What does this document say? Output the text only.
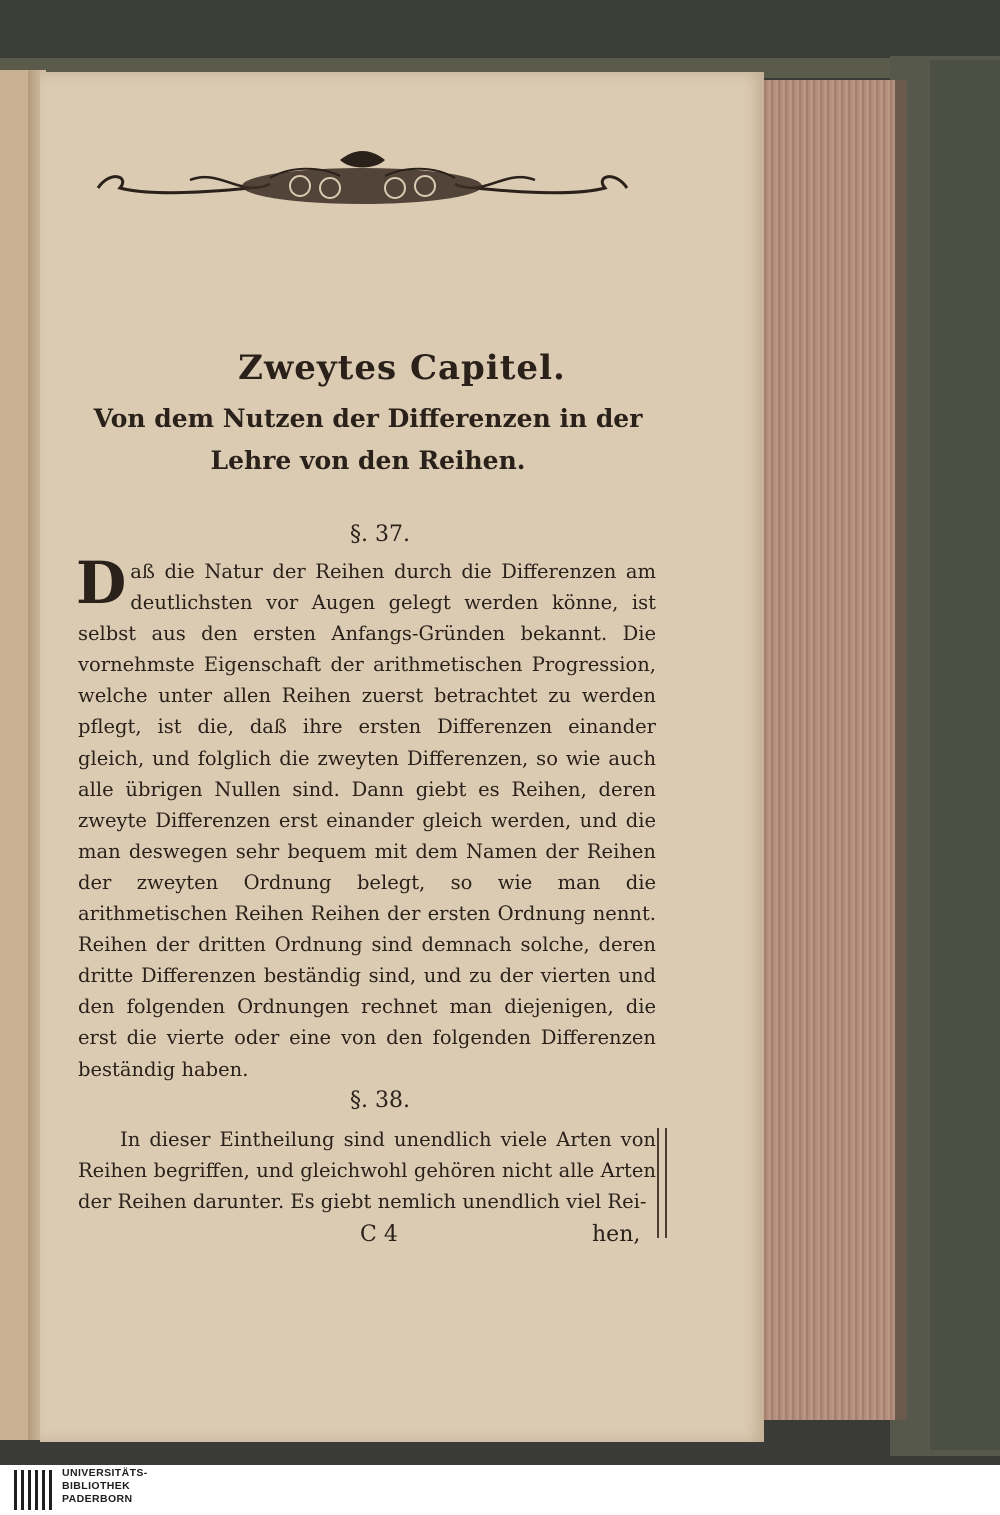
Zweytes Capitel.
Von dem Nutzen der Differenzen in der Lehre von den Reihen.
§. 37.
Daß die Natur der Reihen durch die Differenzen am deutlichsten vor Augen gelegt werden könne, ist selbst aus den ersten Anfangs-Gründen bekannt. Die vornehmste Eigenschaft der arithmetischen Progression, welche unter allen Reihen zuerst betrachtet zu werden pflegt, ist die, daß ihre ersten Differenzen einander gleich, und folglich die zweyten Differenzen, so wie auch alle übrigen Nullen sind. Dann giebt es Reihen, deren zweyte Differenzen erst einander gleich werden, und die man deswegen sehr bequem mit dem Namen der Reihen der zweyten Ordnung belegt, so wie man die arithmetischen Reihen Reihen der ersten Ordnung nennt. Reihen der dritten Ordnung sind demnach solche, deren dritte Differenzen beständig sind, und zu der vierten und den folgenden Ordnungen rechnet man diejenigen, die erst die vierte oder eine von den folgenden Differenzen beständig haben.
§. 38.
In dieser Eintheilung sind unendlich viele Arten von Reihen begriffen, und gleichwohl gehören nicht alle Arten der Reihen darunter. Es giebt nemlich unendlich viel Rei-
C 4	hen,
UNIVERSITÄTS-
BIBLIOTHEK
PADERBORN
